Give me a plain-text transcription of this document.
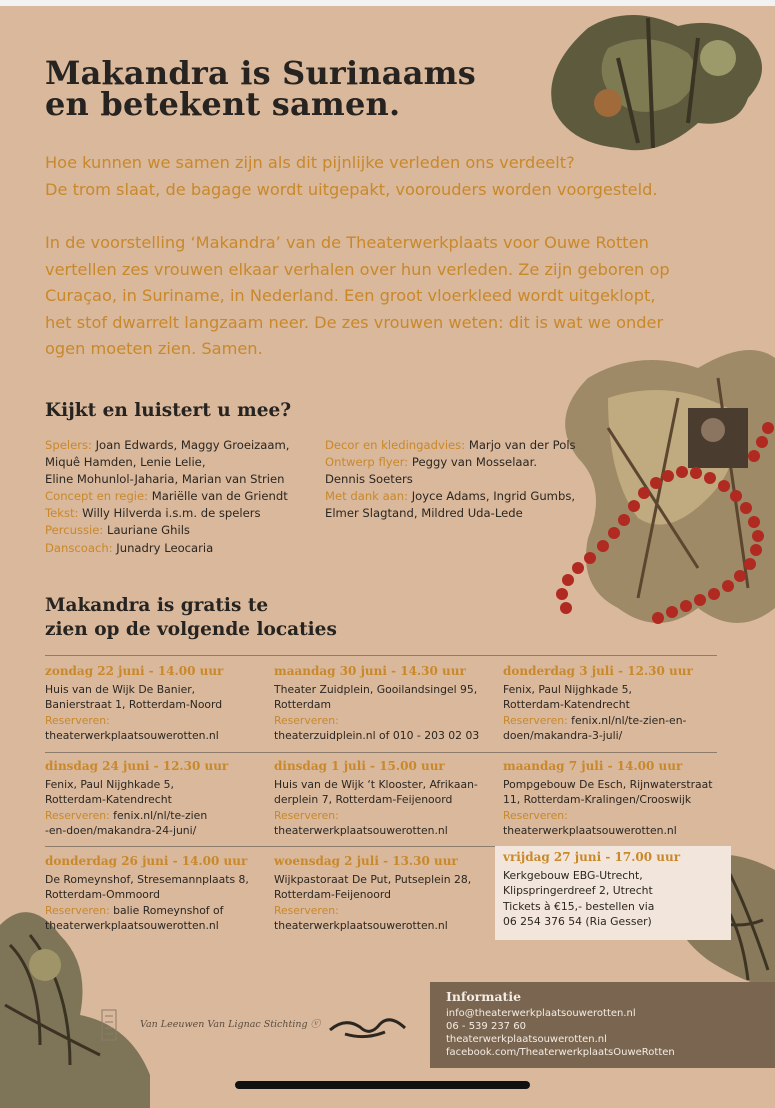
Makandra is Surinaams
en betekent samen.

Hoe kunnen we samen zijn als dit pijnlijke verleden ons verdeelt?
De trom slaat, de bagage wordt uitgepakt, voorouders worden voorgesteld.

In de voorstelling ‘Makandra’ van de Theaterwerkplaats voor Ouwe Rotten
vertellen zes vrouwen elkaar verhalen over hun verleden. Ze zijn geboren op
Curaçao, in Suriname, in Nederland. Een groot vloerkleed wordt uitgeklopt,
het stof dwarrelt langzaam neer. De zes vrouwen weten: dit is wat we onder
ogen moeten zien. Samen.

Kijkt en luistert u mee?
Spelers: Joan Edwards, Maggy Groeizaam,
Miquê Hamden, Lenie Lelie,
Eline Mohunlol-Jaharia, Marian van Strien
Concept en regie: Mariëlle van de Griendt
Tekst: Willy Hilverda i.s.m. de spelers
Percussie: Lauriane Ghils
Danscoach: Junadry Leocaria
Decor en kledingadvies: Marjo van der Pols
Ontwerp flyer: Peggy van Mosselaar.
Dennis Soeters
Met dank aan: Joyce Adams, Ingrid Gumbs,
Elmer Slagtand, Mildred Uda-Lede
Makandra is gratis te
zien op de volgende locaties
zondag 22 juni - 14.00 uur
Huis van de Wijk De Banier,
Banierstraat 1, Rotterdam-Noord
Reserveren:
theaterwerkplaatsouwerotten.nl
maandag 30 juni - 14.30 uur
Theater Zuidplein, Gooilandsingel 95,
Rotterdam
Reserveren:
theaterzuidplein.nl of 010 - 203 02 03
donderdag 3 juli - 12.30 uur
Fenix, Paul Nijghkade 5,
Rotterdam-Katendrecht
Reserveren: fenix.nl/nl/te-zien-en-
doen/makandra-3-juli/
dinsdag 24 juni - 12.30 uur
Fenix, Paul Nijghkade 5,
Rotterdam-Katendrecht
Reserveren: fenix.nl/nl/te-zien
-en-doen/makandra-24-juni/
dinsdag 1 juli - 15.00 uur
Huis van de Wijk ‘t Klooster, Afrikaan-
derplein 7, Rotterdam-Feijenoord
Reserveren:
theaterwerkplaatsouwerotten.nl
maandag 7 juli - 14.00 uur
Pompgebouw De Esch, Rijnwaterstraat
11, Rotterdam-Kralingen/Crooswijk
Reserveren:
theaterwerkplaatsouwerotten.nl
donderdag 26 juni - 14.00 uur
De Romeynshof, Stresemannplaats 8,
Rotterdam-Ommoord
Reserveren: balie Romeynshof of
theaterwerkplaatsouwerotten.nl
woensdag 2 juli - 13.30 uur
Wijkpastoraat De Put, Putseplein 28,
Rotterdam-Feijenoord
Reserveren:
theaterwerkplaatsouwerotten.nl
vrijdag 27 juni - 17.00 uur
Kerkgebouw EBG-Utrecht,
Klipspringerdreef 2, Utrecht
Tickets à €15,- bestellen via
06 254 376 54 (Ria Gesser)
Van Leeuwen Van Lignac Stichting ⓥ
Informatie
info@theaterwerkplaatsouwerotten.nl
06 - 539 237 60
theaterwerkplaatsouwerotten.nl
facebook.com/TheaterwerkplaatsOuweRotten
